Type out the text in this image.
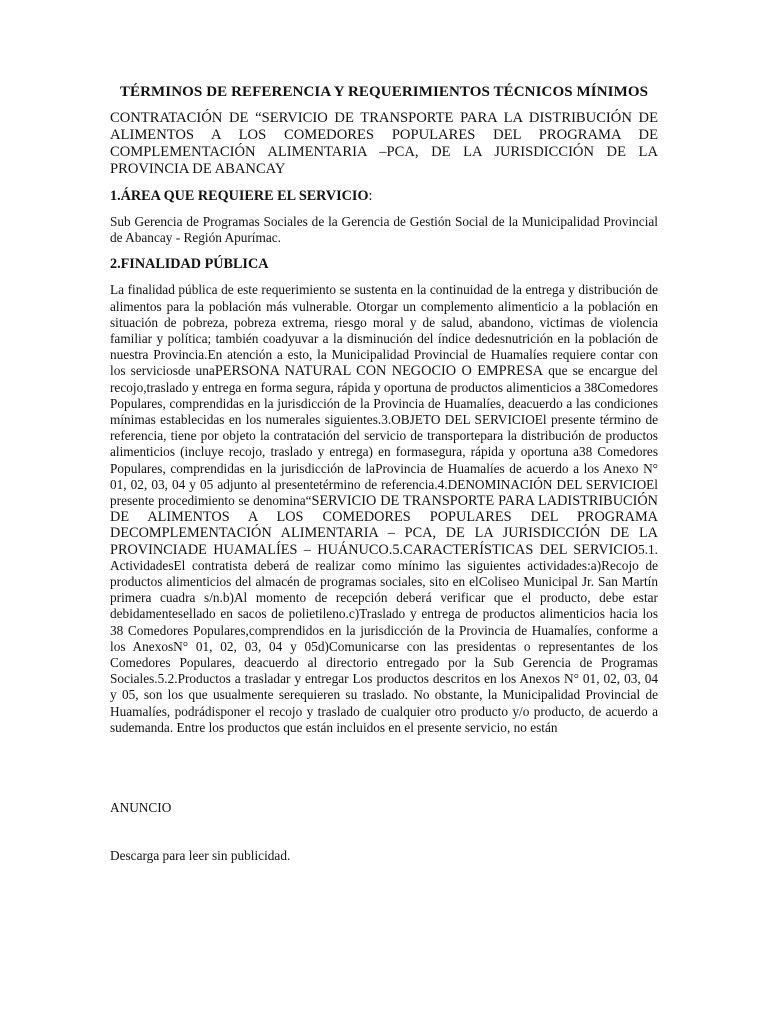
TÉRMINOS DE REFERENCIA Y REQUERIMIENTOS TÉCNICOS MÍNIMOS

CONTRATACIÓN DE “SERVICIO DE TRANSPORTE PARA LA DISTRIBUCIÓN DE ALIMENTOS A LOS COMEDORES POPULARES DEL PROGRAMA DE COMPLEMENTACIÓN ALIMENTARIA –PCA, DE LA JURISDICCIÓN DE LA PROVINCIA DE ABANCAY

1.ÁREA QUE REQUIERE EL SERVICIO:

Sub Gerencia de Programas Sociales de la Gerencia de Gestión Social de la Municipalidad Provincial de Abancay - Región Apurímac.

2.FINALIDAD PÚBLICA

La finalidad pública de este requerimiento se sustenta en la continuidad de la entrega y distribución de alimentos para la población más vulnerable. Otorgar un complemento alimenticio a la población en situación de pobreza, pobreza extrema, riesgo moral y de salud, abandono, victimas de violencia familiar y política; también coadyuvar a la disminución del índice dedesnutrición en la población de nuestra Provincia.En atención a esto, la Municipalidad Provincial de Huamalíes requiere contar con los serviciosde unaPERSONA NATURAL CON NEGOCIO O EMPRESA que se encargue del recojo,traslado y entrega en forma segura, rápida y oportuna de productos alimenticios a 38Comedores Populares, comprendidas en la jurisdicción de la Provincia de Huamalíes, deacuerdo a las condiciones mínimas establecidas en los numerales siguientes.3.OBJETO DEL SERVICIOEl presente término de referencia, tiene por objeto la contratación del servicio de transportepara la distribución de productos alimenticios (incluye recojo, traslado y entrega) en formasegura, rápida y oportuna a38 Comedores Populares, comprendidas en la jurisdicción de laProvincia de Huamalíes de acuerdo a los Anexo N° 01, 02, 03, 04 y 05 adjunto al presentetérmino de referencia.4.DENOMINACIÓN DEL SERVICIOEl presente procedimiento se denomina“SERVICIO DE TRANSPORTE PARA LADISTRIBUCIÓN DE ALIMENTOS A LOS COMEDORES POPULARES DEL PROGRAMA DECOMPLEMENTACIÓN ALIMENTARIA – PCA, DE LA JURISDICCIÓN DE LA PROVINCIADE HUAMALÍES – HUÁNUCO.5.CARACTERÍSTICAS DEL SERVICIO5.1. ActividadesEl contratista deberá de realizar como mínimo las siguientes actividades:a)Recojo de productos alimenticios del almacén de programas sociales, sito en elColiseo Municipal Jr. San Martín primera cuadra s/n.b)Al momento de recepción deberá verificar que el producto, debe estar debidamentesellado en sacos de polietileno.c)Traslado y entrega de productos alimenticios hacia los 38 Comedores Populares,comprendidos en la jurisdicción de la Provincia de Huamalíes, conforme a los AnexosN° 01, 02, 03, 04 y 05d)Comunicarse con las presidentas o representantes de los Comedores Populares, deacuerdo al directorio entregado por la Sub Gerencia de Programas Sociales.5.2.Productos a trasladar y entregar Los productos descritos en los Anexos N° 01, 02, 03, 04 y 05, son los que usualmente serequieren su traslado. No obstante, la Municipalidad Provincial de Huamalíes, podrádisponer el recojo y traslado de cualquier otro producto y/o producto, de acuerdo a sudemanda. Entre los productos que están incluidos en el presente servicio, no están

ANUNCIO

Descarga para leer sin publicidad.
